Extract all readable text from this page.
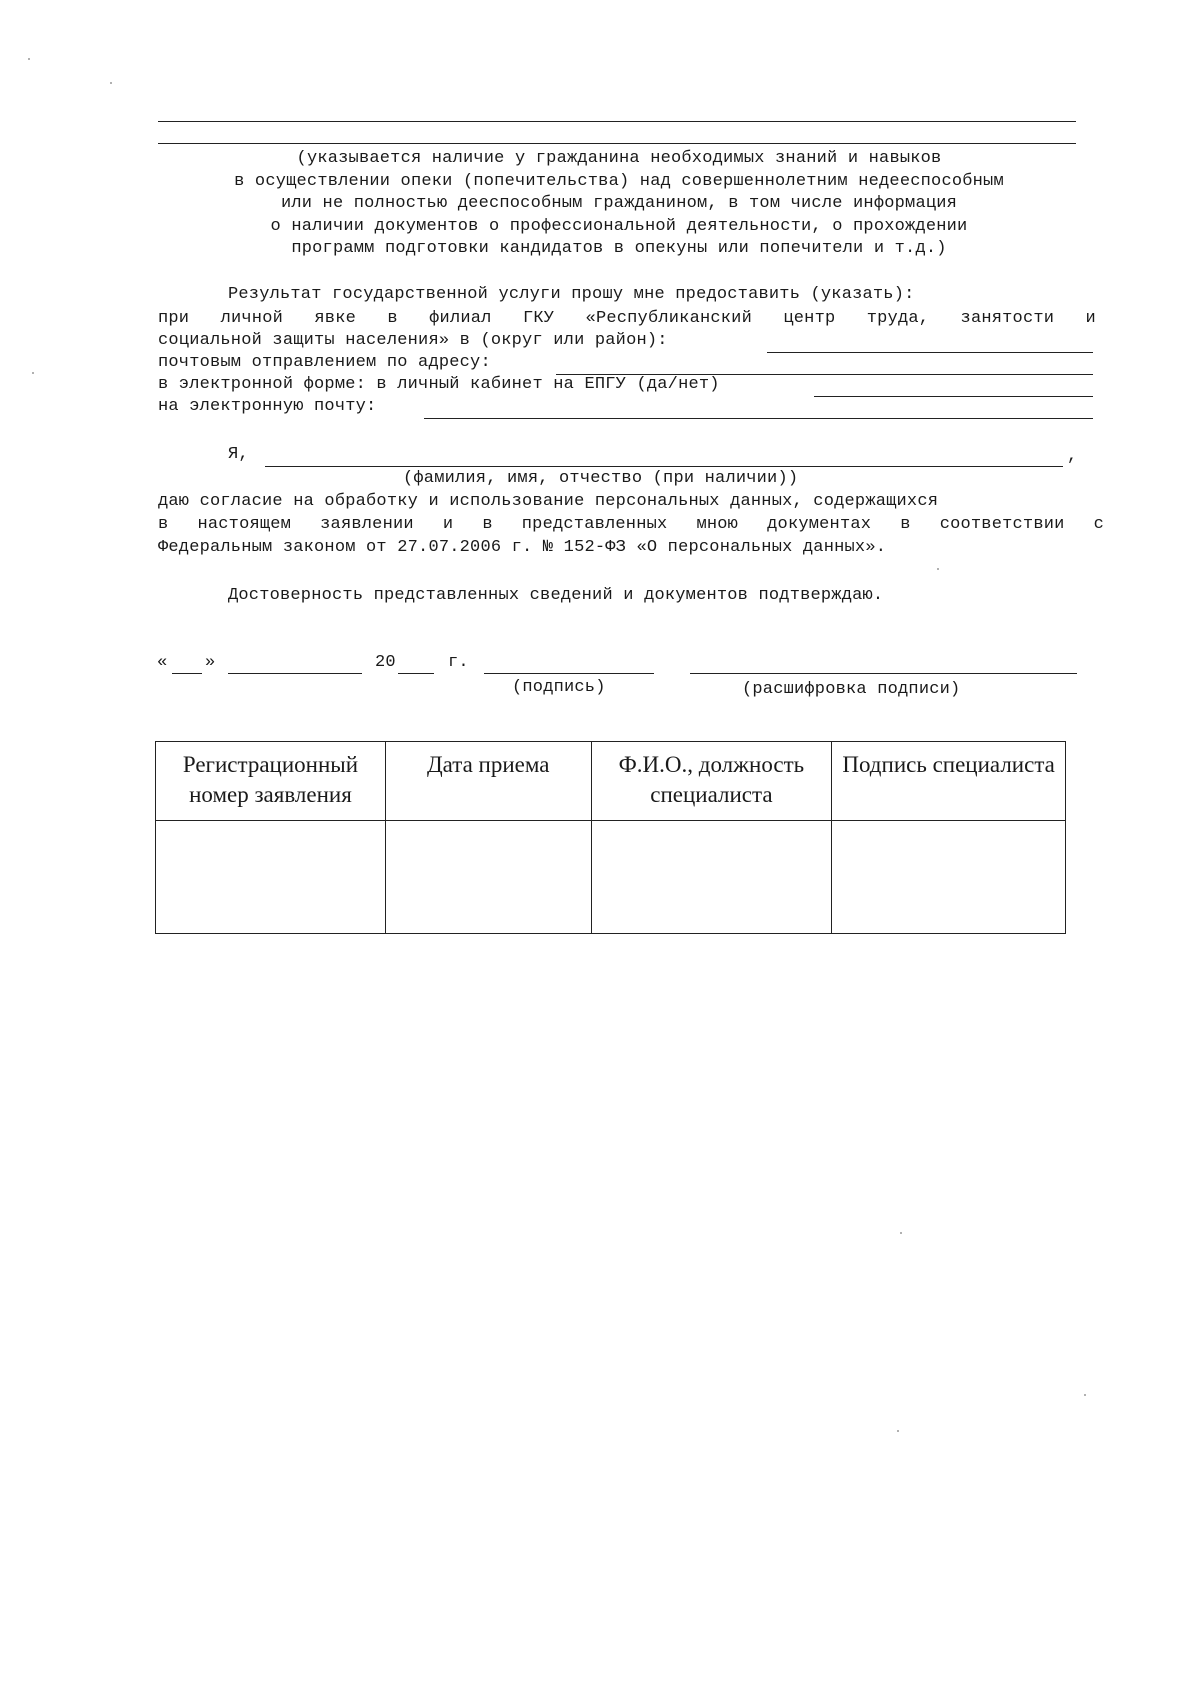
(указывается наличие у гражданина необходимых знаний и навыков
в осуществлении опеки (попечительства) над совершеннолетним недееспособным
или не полностью дееспособным гражданином, в том числе информация
о наличии документов о профессиональной деятельности, о прохождении
программ подготовки кандидатов в опекуны или попечители и т.д.)
Результат государственной услуги прошу мне предоставить (указать):
при личной явке в филиал ГКУ «Республиканский центр труда, занятости и
социальной защиты населения» в (округ или район):
почтовым отправлением по адресу:
в электронной форме: в личный кабинет на ЕПГУ (да/нет)
на электронную почту:
Я,	,
(фамилия, имя, отчество (при наличии))
даю согласие на обработку и использование персональных данных, содержащихся
в настоящем заявлении и в представленных мною документах в соответствии с
Федеральным законом от 27.07.2006 г. № 152-ФЗ «О персональных данных».
Достоверность представленных сведений и документов подтверждаю.
« »	20	г.
(подпись)	(расшифровка подписи)
Регистрационный номер заявления	Дата приема	Ф.И.О., должность специалиста	Подпись специалиста
